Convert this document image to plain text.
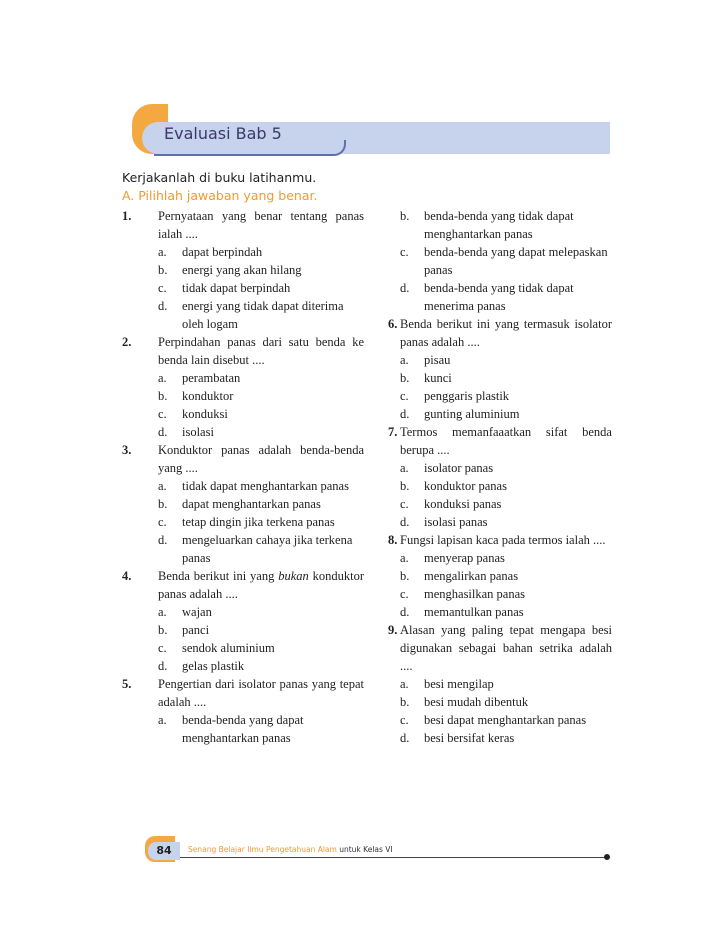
Evaluasi Bab 5
Kerjakanlah di buku latihanmu.
A. Pilihlah jawaban yang benar.
1. Pernyataan yang benar tentang panas ialah ....
a. dapat berpindah
b. energi yang akan hilang
c. tidak dapat berpindah
d. energi yang tidak dapat diterima oleh logam
2. Perpindahan panas dari satu benda ke benda lain disebut ....
a. perambatan
b. konduktor
c. konduksi
d. isolasi
3. Konduktor panas adalah benda-benda yang ....
a. tidak dapat menghantarkan panas
b. dapat menghantarkan panas
c. tetap dingin jika terkena panas
d. mengeluarkan cahaya jika terkena panas
4. Benda berikut ini yang bukan konduktor panas adalah ....
a. wajan
b. panci
c. sendok aluminium
d. gelas plastik
5. Pengertian dari isolator panas yang tepat adalah ....
a. benda-benda yang dapat menghantarkan panas
b. benda-benda yang tidak dapat menghantarkan panas
c. benda-benda yang dapat melepaskan panas
d. benda-benda yang tidak dapat menerima panas
6. Benda berikut ini yang termasuk isolator panas adalah ....
a. pisau
b. kunci
c. penggaris plastik
d. gunting aluminium
7. Termos memanfaaatkan sifat benda berupa ....
a. isolator panas
b. konduktor panas
c. konduksi panas
d. isolasi panas
8. Fungsi lapisan kaca pada termos ialah ....
a. menyerap panas
b. mengalirkan panas
c. menghasilkan panas
d. memantulkan panas
9. Alasan yang paling tepat mengapa besi digunakan sebagai bahan setrika adalah ....
a. besi mengilap
b. besi mudah dibentuk
c. besi dapat menghantarkan panas
d. besi bersifat keras
84	Senang Belajar Ilmu Pengetahuan Alam untuk Kelas VI
